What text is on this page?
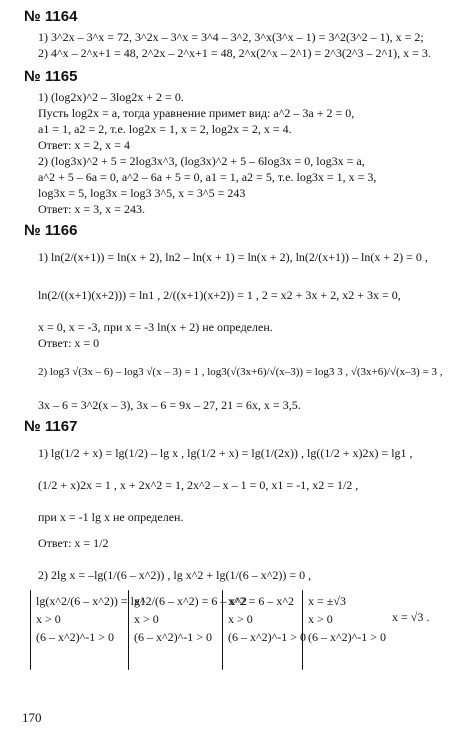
№ 1164
1) 3^2x – 3^x = 72, 3^2x – 3^x = 3^4 – 3^2, 3^x(3^x – 1) = 3^2(3^2 – 1), x = 2;
2) 4^x – 2^x+1 = 48, 2^2x – 2^x+1 = 48, 2^x(2^x – 2^1) = 2^3(2^3 – 2^1), x = 3.
№ 1165
1) (log2x)^2 – 3log2x + 2 = 0.
Пусть log2x = a, тогда уравнение примет вид: a^2 – 3a + 2 = 0,
a1 = 1, a2 = 2, т.е. log2x = 1, x = 2, log2x = 2, x = 4.
Ответ: x = 2, x = 4
2) (log3x)^2 + 5 = 2log3x^3, (log3x)^2 + 5 – 6log3x = 0, log3x = a,
a^2 + 5 – 6a = 0, a^2 – 6a + 5 = 0, a1 = 1, a2 = 5, т.е. log3x = 1, x = 3,
log3x = 5, log3x = log3 3^5, x = 3^5 = 243
Ответ: x = 3, x = 243.
№ 1166
1) ln(2/(x+1)) = ln(x + 2), ln2 – ln(x + 1) = ln(x + 2), ln(2/(x+1)) – ln(x + 2) = 0 ,
ln(2/((x+1)(x+2))) = ln1 , 2/((x+1)(x+2)) = 1 , 2 = x2 + 3x + 2, x2 + 3x = 0,
x = 0, x = -3, при x = -3 ln(x + 2) не определен.
Ответ: x = 0
2) log3 √(3x – 6) – log3 √(x – 3) = 1 , log3(√(3x+6)/√(x–3)) = log3 3 , √(3x+6)/√(x–3) = 3 ,
3x – 6 = 3^2(x – 3), 3x – 6 = 9x – 27, 21 = 6x, x = 3,5.
№ 1167
1) lg(1/2 + x) = lg(1/2) – lg x , lg(1/2 + x) = lg(1/(2x)) , lg((1/2 + x)2x) = lg1 ,
(1/2 + x)2x = 1 , x + 2x^2 = 1, 2x^2 – x – 1 = 0, x1 = -1, x2 = 1/2 ,
при x = -1 lg x не определен.
Ответ: x = 1/2
2) 2lg x = –lg(1/(6 – x^2)) , lg x^2 + lg(1/(6 – x^2)) = 0 ,
lg(x^2/(6 – x^2)) = lg1
x > 0
(6 – x^2)^-1 > 0
x^2/(6 – x^2) = 6 – x^2
x > 0
(6 – x^2)^-1 > 0
x^2 = 6 – x^2
x > 0
(6 – x^2)^-1 > 0
x = ±√3
x > 0
(6 – x^2)^-1 > 0
x = √3 .
170
